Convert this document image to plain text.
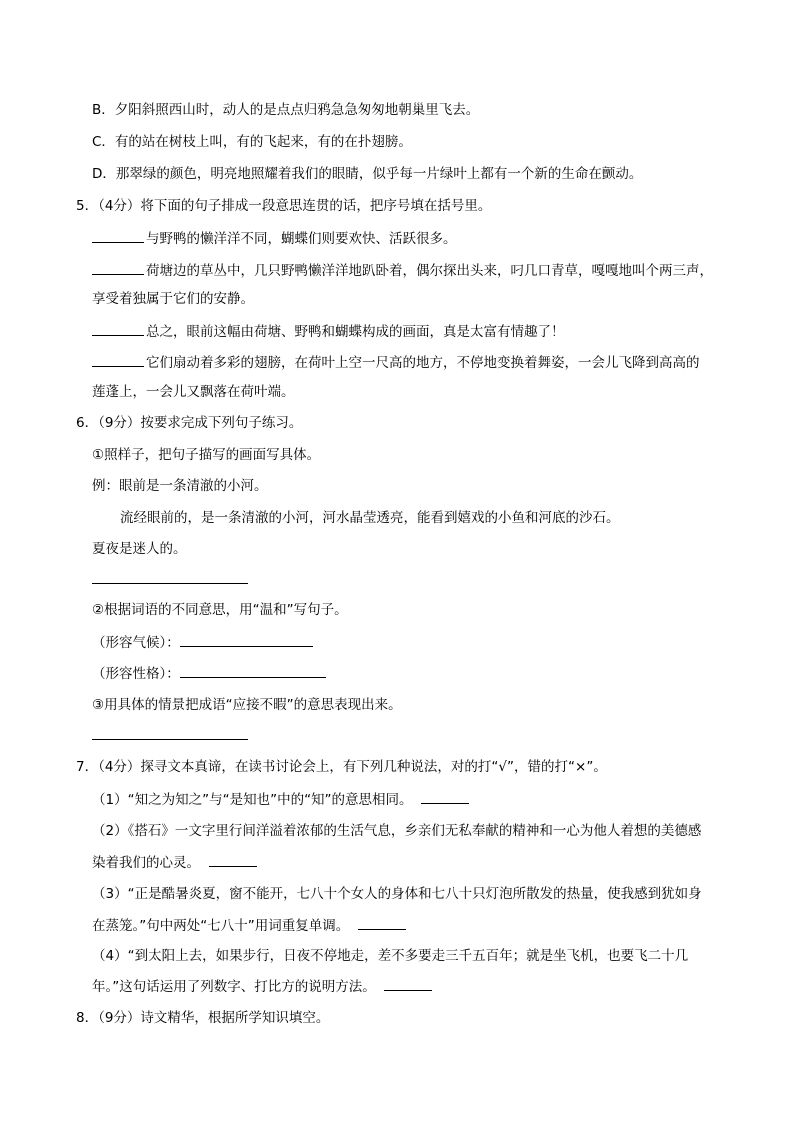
B．夕阳斜照西山时，动人的是点点归鸦急急匆匆地朝巢里飞去。
C．有的站在树枝上叫，有的飞起来，有的在扑翅膀。
D．那翠绿的颜色，明亮地照耀着我们的眼睛，似乎每一片绿叶上都有一个新的生命在颤动。
5．（4分）将下面的句子排成一段意思连贯的话，把序号填在括号里。
与野鸭的懒洋洋不同，蝴蝶们则要欢快、活跃很多。
荷塘边的草丛中，几只野鸭懒洋洋地趴卧着，偶尔探出头来，叼几口青草，嘎嘎地叫个两三声，
享受着独属于它们的安静。
总之，眼前这幅由荷塘、野鸭和蝴蝶构成的画面，真是太富有情趣了！
它们扇动着多彩的翅膀，在荷叶上空一尺高的地方，不停地变换着舞姿，一会儿飞降到高高的
莲蓬上，一会儿又飘落在荷叶端。
6．（9分）按要求完成下列句子练习。
①照样子，把句子描写的画面写具体。
例：眼前是一条清澈的小河。
流经眼前的，是一条清澈的小河，河水晶莹透亮，能看到嬉戏的小鱼和河底的沙石。
夏夜是迷人的。
②根据词语的不同意思，用“温和”写句子。
（形容气候）：
（形容性格）：
③用具体的情景把成语“应接不暇”的意思表现出来。
7．（4分）探寻文本真谛，在读书讨论会上，有下列几种说法，对的打“√”，错的打“×”。
（1）“知之为知之”与“是知也”中的“知”的意思相同。
（2）《搭石》一文字里行间洋溢着浓郁的生活气息，乡亲们无私奉献的精神和一心为他人着想的美德感
染着我们的心灵。
（3）“正是酷暑炎夏，窗不能开，七八十个女人的身体和七八十只灯泡所散发的热量，使我感到犹如身
在蒸笼。”句中两处“七八十”用词重复单调。
（4）“到太阳上去，如果步行，日夜不停地走，差不多要走三千五百年；就是坐飞机，也要飞二十几
年。”这句话运用了列数字、打比方的说明方法。
8．（9分）诗文精华，根据所学知识填空。
